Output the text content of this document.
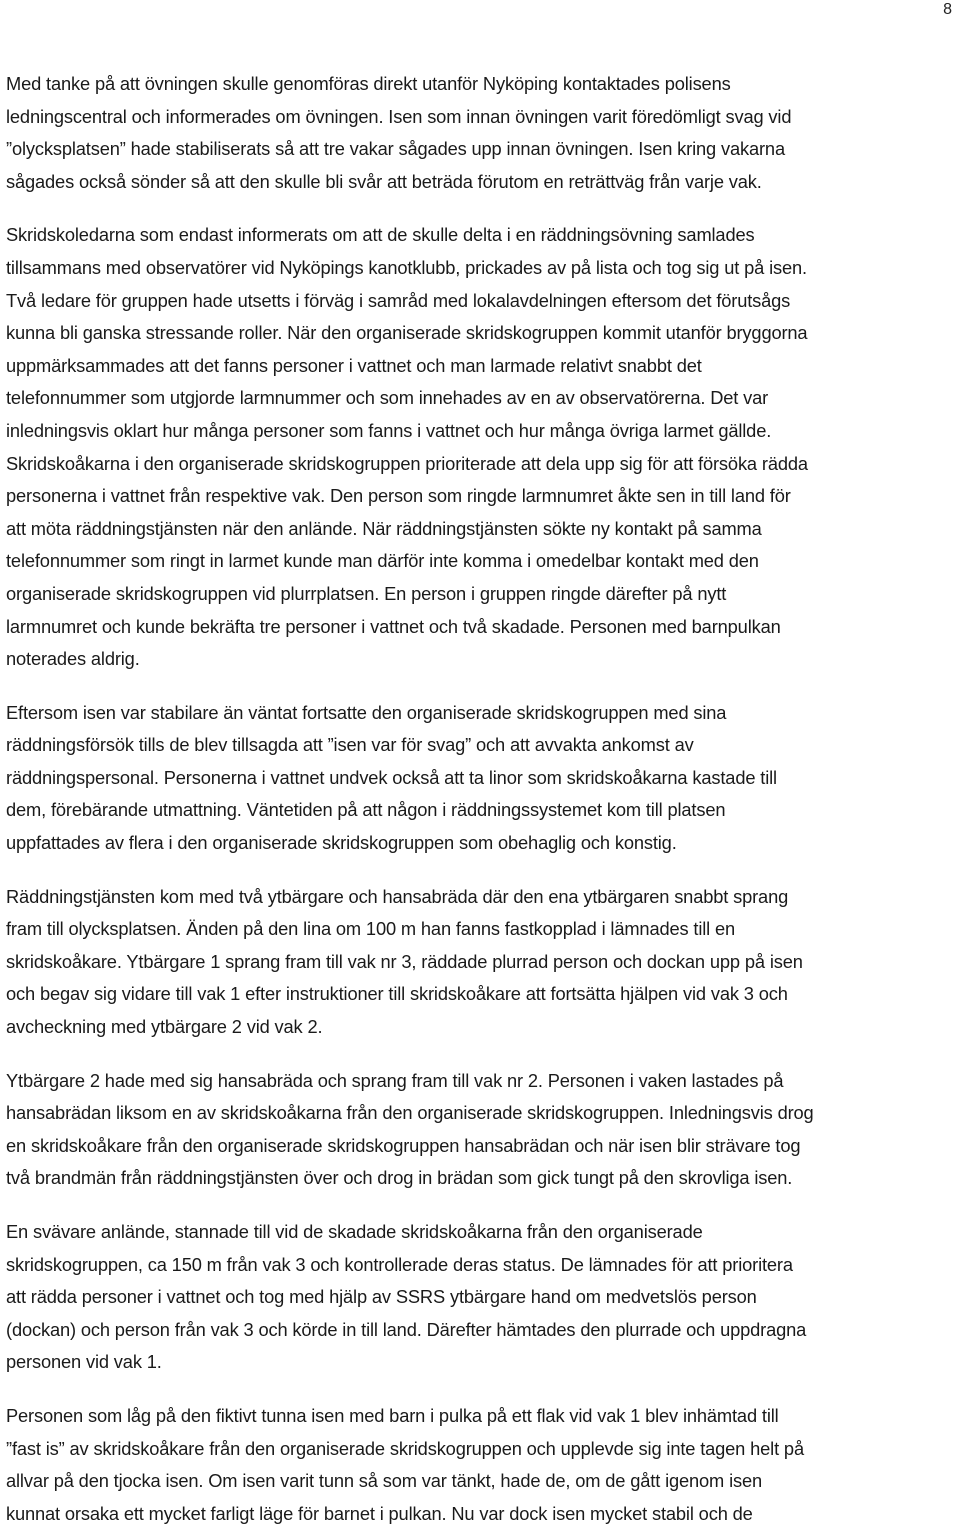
8

Med tanke på att övningen skulle genomföras direkt utanför Nyköping kontaktades polisens
ledningscentral och informerades om övningen. Isen som innan övningen varit föredömligt svag vid
”olycksplatsen” hade stabiliserats så att tre vakar sågades upp innan övningen. Isen kring vakarna
sågades också sönder så att den skulle bli svår att beträda förutom en reträttväg från varje vak.

Skridskoledarna som endast informerats om att de skulle delta i en räddningsövning samlades
tillsammans med observatörer vid Nyköpings kanotklubb, prickades av på lista och tog sig ut på isen.
Två ledare för gruppen hade utsetts i förväg i samråd med lokalavdelningen eftersom det förutsågs
kunna bli ganska stressande roller. När den organiserade skridskogruppen kommit utanför bryggorna
uppmärksammades att det fanns personer i vattnet och man larmade relativt snabbt det
telefonnummer som utgjorde larmnummer och som innehades av en av observatörerna. Det var
inledningsvis oklart hur många personer som fanns i vattnet och hur många övriga larmet gällde.
Skridskoåkarna i den organiserade skridskogruppen prioriterade att dela upp sig för att försöka rädda
personerna i vattnet från respektive vak. Den person som ringde larmnumret åkte sen in till land för
att möta räddningstjänsten när den anlände. När räddningstjänsten sökte ny kontakt på samma
telefonnummer som ringt in larmet kunde man därför inte komma i omedelbar kontakt med den
organiserade skridskogruppen vid plurrplatsen. En person i gruppen ringde därefter på nytt
larmnumret och kunde bekräfta tre personer i vattnet och två skadade. Personen med barnpulkan
noterades aldrig.

Eftersom isen var stabilare än väntat fortsatte den organiserade skridskogruppen med sina
räddningsförsök tills de blev tillsagda att ”isen var för svag” och att avvakta ankomst av
räddningspersonal. Personerna i vattnet undvek också att ta linor som skridskoåkarna kastade till
dem, förebärande utmattning. Väntetiden på att någon i räddningssystemet kom till platsen
uppfattades av flera i den organiserade skridskogruppen som obehaglig och konstig.

Räddningstjänsten kom med två ytbärgare och hansabräda där den ena ytbärgaren snabbt sprang
fram till olycksplatsen. Änden på den lina om 100 m han fanns fastkopplad i lämnades till en
skridskoåkare. Ytbärgare 1 sprang fram till vak nr 3, räddade plurrad person och dockan upp på isen
och begav sig vidare till vak 1 efter instruktioner till skridskoåkare att fortsätta hjälpen vid vak 3 och
avcheckning med ytbärgare 2 vid vak 2.

Ytbärgare 2 hade med sig hansabräda och sprang fram till vak nr 2. Personen i vaken lastades på
hansabrädan liksom en av skridskoåkarna från den organiserade skridskogruppen. Inledningsvis drog
en skridskoåkare från den organiserade skridskogruppen hansabrädan och när isen blir strävare tog
två brandmän från räddningstjänsten över och drog in brädan som gick tungt på den skrovliga isen.

En svävare anlände, stannade till vid de skadade skridskoåkarna från den organiserade
skridskogruppen, ca 150 m från vak 3 och kontrollerade deras status. De lämnades för att prioritera
att rädda personer i vattnet och tog med hjälp av SSRS ytbärgare hand om medvetslös person
(dockan) och person från vak 3 och körde in till land. Därefter hämtades den plurrade och uppdragna
personen vid vak 1.

Personen som låg på den fiktivt tunna isen med barn i pulka på ett flak vid vak 1 blev inhämtad till
”fast is” av skridskoåkare från den organiserade skridskogruppen och upplevde sig inte tagen helt på
allvar på den tjocka isen. Om isen varit tunn så som var tänkt, hade de, om de gått igenom isen
kunnat orsaka ett mycket farligt läge för barnet i pulkan. Nu var dock isen mycket stabil och de
